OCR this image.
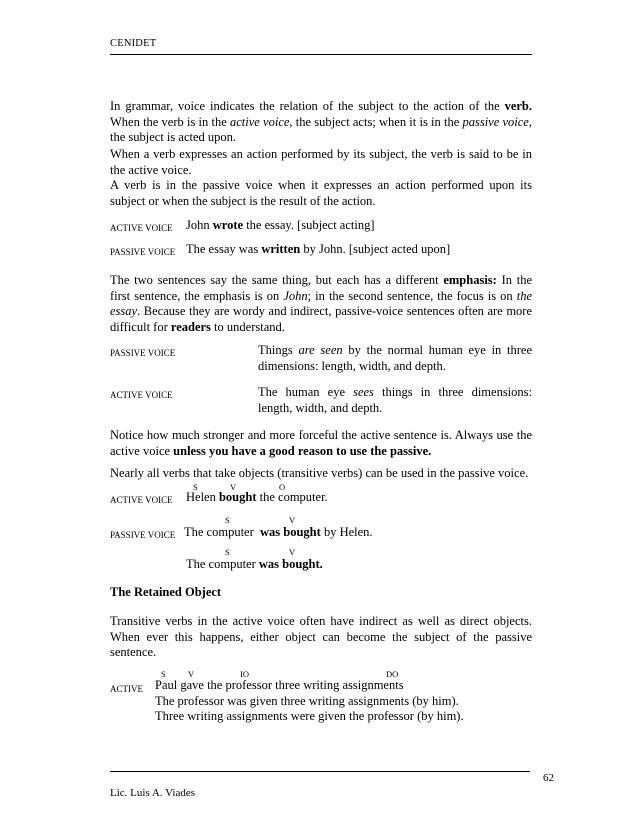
CENIDET
In grammar, voice indicates the relation of the subject to the action of the verb. When the verb is in the active voice, the subject acts; when it is in the passive voice, the subject is acted upon.
When a verb expresses an action performed by its subject, the verb is said to be in the active voice.
A verb is in the passive voice when it expresses an action performed upon its subject or when the subject is the result of the action.
ACTIVE VOICE John wrote the essay. [subject acting]
PASSIVE VOICE The essay was written by John. [subject acted upon]
The two sentences say the same thing, but each has a different emphasis: In the first sentence, the emphasis is on John; in the second sentence, the focus is on the essay. Because they are wordy and indirect, passive-voice sentences often are more difficult for readers to understand.
PASSIVE VOICE	Things are seen by the normal human eye in three dimensions: length, width, and depth.
ACTIVE VOICE	The human eye sees things in three dimensions: length, width, and depth.
Notice how much stronger and more forceful the active sentence is. Always use the active voice unless you have a good reason to use the passive.
Nearly all verbs that take objects (transitive verbs) can be used in the passive voice.
S	V	O
ACTIVE VOICE Helen bought the computer.
S	V
PASSIVE VOICE The computer  was bought by Helen.
S	V
The computer was bought.
The Retained Object
Transitive verbs in the active voice often have indirect as well as direct objects. When ever this happens, either object can become the subject of the passive sentence.
S	V	IO	DO
ACTIVE Paul gave the professor three writing assignments
The professor was given three writing assignments (by him).
Three writing assignments were given the professor (by him).
Lic. Luis A. Viades
62
